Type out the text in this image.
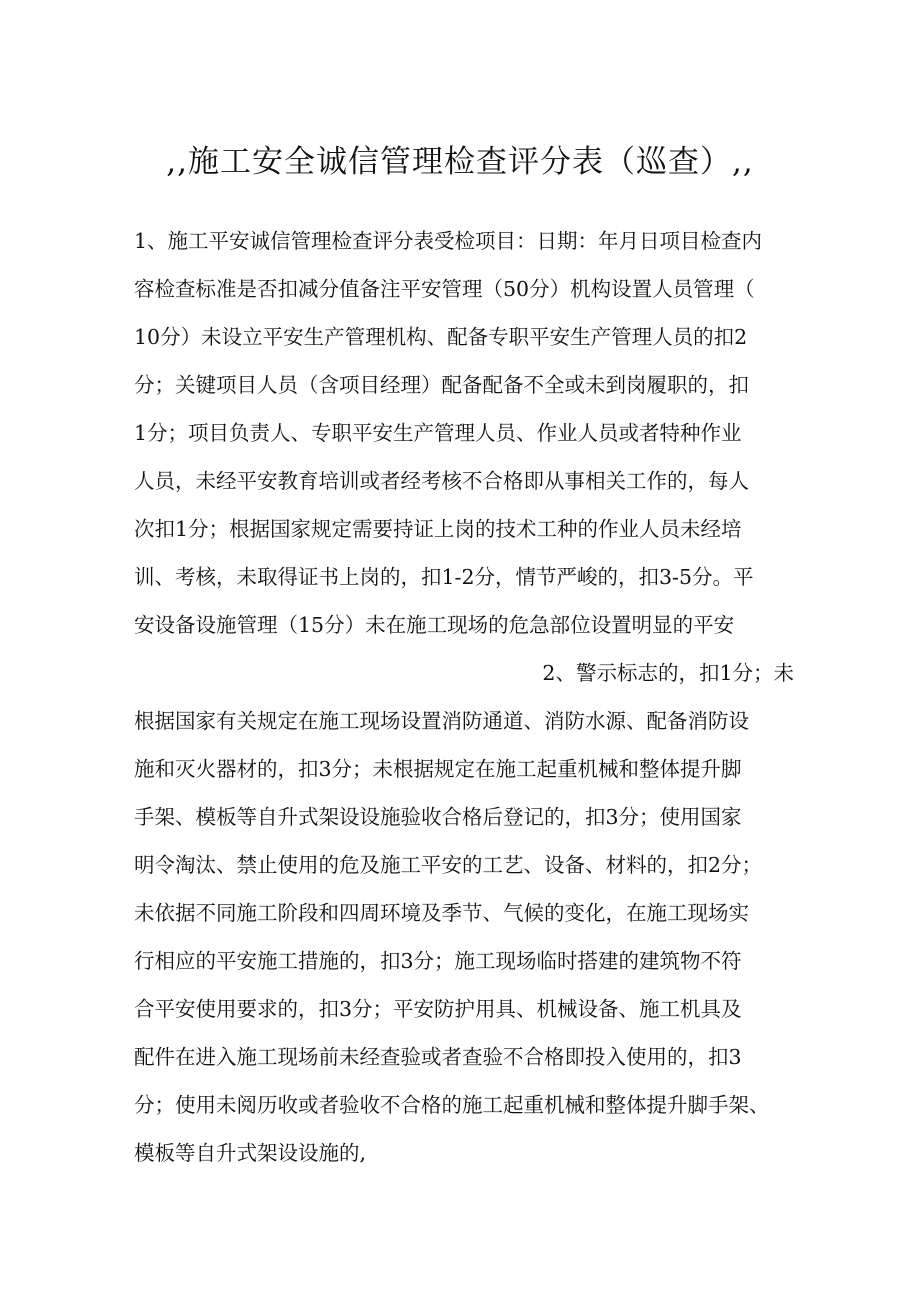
,,施工安全诚信管理检查评分表（巡查）,,
1、施工平安诚信管理检查评分表受检项目：日期：年月日项目检查内
容检查标准是否扣减分值备注平安管理（50分）机构设置人员管理（
10分）未设立平安生产管理机构、配备专职平安生产管理人员的扣2
分；关键项目人员（含项目经理）配备配备不全或未到岗履职的，扣
1分；项目负责人、专职平安生产管理人员、作业人员或者特种作业
人员，未经平安教育培训或者经考核不合格即从事相关工作的，每人
次扣1分；根据国家规定需要持证上岗的技术工种的作业人员未经培
训、考核，未取得证书上岗的，扣1-2分，情节严峻的，扣3-5分。平
安设备设施管理（15分）未在施工现场的危急部位设置明显的平安
2、警示标志的，扣1分；未
根据国家有关规定在施工现场设置消防通道、消防水源、配备消防设
施和灭火器材的，扣3分；未根据规定在施工起重机械和整体提升脚
手架、模板等自升式架设设施验收合格后登记的，扣3分；使用国家
明令淘汰、禁止使用的危及施工平安的工艺、设备、材料的，扣2分；
未依据不同施工阶段和四周环境及季节、气候的变化，在施工现场实
行相应的平安施工措施的，扣3分；施工现场临时搭建的建筑物不符
合平安使用要求的，扣3分；平安防护用具、机械设备、施工机具及
配件在进入施工现场前未经查验或者查验不合格即投入使用的，扣3
分；使用未阅历收或者验收不合格的施工起重机械和整体提升脚手架、
模板等自升式架设设施的,
